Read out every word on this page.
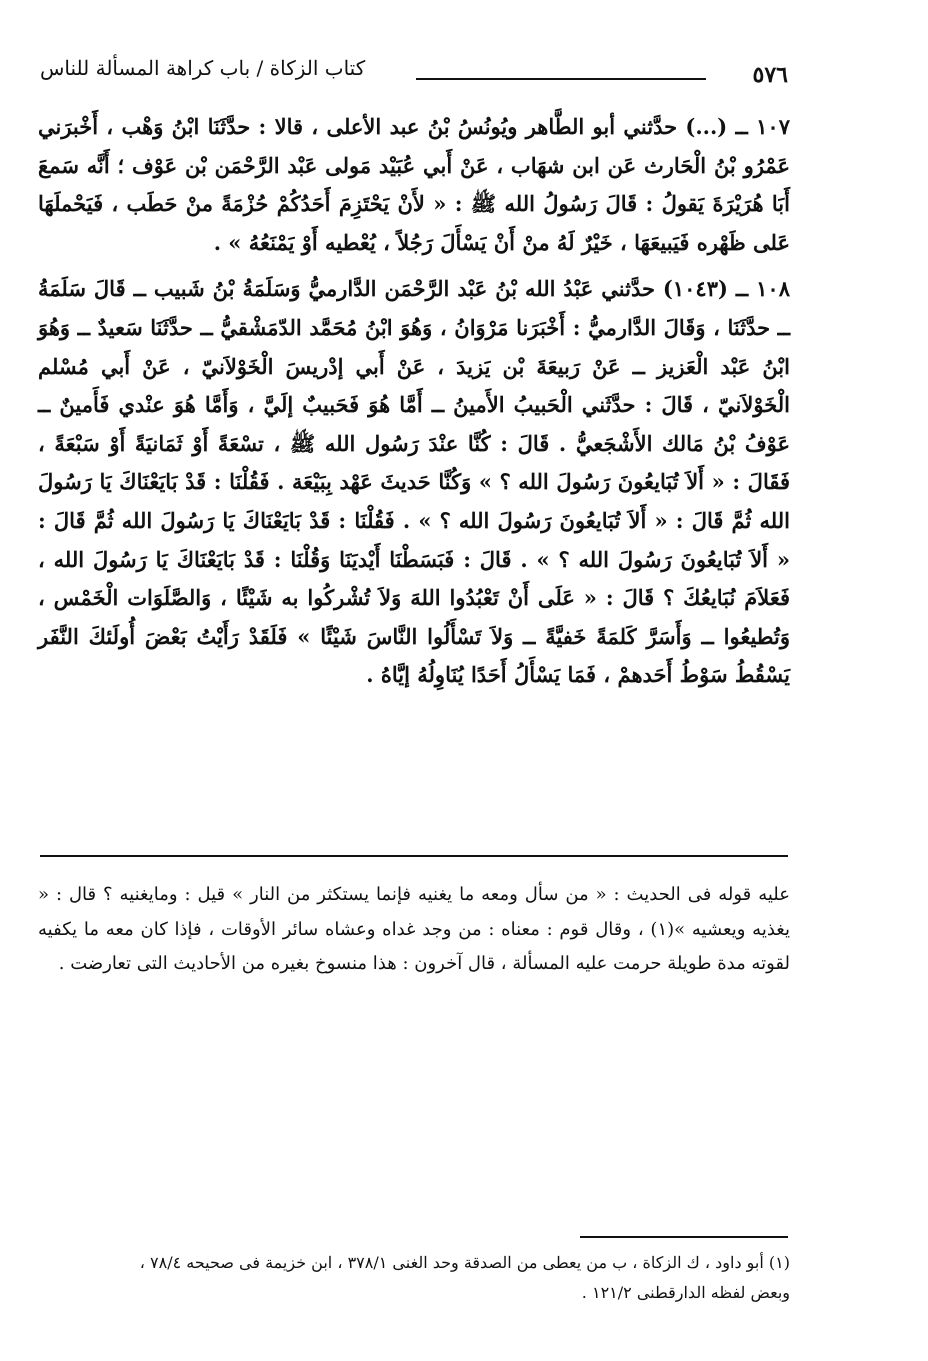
٥٧٦
كتاب الزكاة / باب كراهة المسألة للناس

١٠٧ ــ (...) حدَّثني أبو الطَّاهر ويُونُسُ بْنُ عبد الأعلى ، قالا : حدَّثَنَا ابْنُ وَهْب ، أَخْبرَني عَمْرُو بْنُ الْحَارث عَن ابن شهَاب ، عَنْ أَبي عُبَيْد مَولى عَبْد الرَّحْمَن بْن عَوْف ؛ أَنَّه سَمعَ أَبَا هُرَيْرَةَ يَقولُ : قَالَ رَسُولُ الله ﷺ : « لأَنْ يَحْتَزِمَ أَحَدُكُمْ حُزْمَةً منْ حَطَب ، فَيَحْملَهَا عَلى ظَهْره فَيَبيعَهَا ، خَيْرٌ لَهُ منْ أَنْ يَسْأَلَ رَجُلاً ، يُعْطيه أَوْ يَمْنَعُهُ » .

١٠٨ ــ (١٠٤٣) حدَّثني عَبْدُ الله بْنُ عَبْد الرَّحْمَن الدَّارميُّ وَسَلَمَةُ بْنُ شَبيب ــ قَالَ سَلَمَةُ ــ حدَّثَنَا ، وَقَالَ الدَّارميُّ : أَخْبَرَنا مَرْوَانُ ، وَهُوَ ابْنُ مُحَمَّد الدّمَشْقيُّ ــ حدَّثَنَا سَعيدٌ ــ وَهُوَ ابْنُ عَبْد الْعَزيز ــ عَنْ رَبيعَةَ بْن يَزيدَ ، عَنْ أَبي إدْريسَ الْخَوْلاَنيّ ، عَنْ أَبي مُسْلم الْخَوْلاَنيّ ، قَالَ : حدَّثَني الْحَبيبُ الأَمينُ ــ أَمَّا هُوَ فَحَبيبٌ إلَيَّ ، وَأَمَّا هُوَ عنْدي فَأَمينٌ ــ عَوْفُ بْنُ مَالك الأَشْجَعيُّ . قَالَ : كُنَّا عنْدَ رَسُول الله ﷺ ، تسْعَةً أَوْ ثَمَانيَةً أَوْ سَبْعَةً ، فَقَالَ : « أَلاَ تُبَايعُونَ رَسُولَ الله ؟ » وَكُنَّا حَديثَ عَهْد بِبَيْعَة . فَقُلْنَا : قَدْ بَايَعْنَاكَ يَا رَسُولَ الله ثُمَّ قَالَ : « أَلاَ تُبَايعُونَ رَسُولَ الله ؟ » . فَقُلْنَا : قَدْ بَايَعْنَاكَ يَا رَسُولَ الله ثُمَّ قَالَ : « أَلاَ تُبَايعُونَ رَسُولَ الله ؟ » . قَالَ : فَبَسَطْنَا أَيْديَنَا وَقُلْنَا : قَدْ بَايَعْنَاكَ يَا رَسُولَ الله ، فَعَلاَمَ نُبَايعُكَ ؟ قَالَ : « عَلَى أَنْ تَعْبُدُوا اللهَ وَلاَ تُشْركُوا به شَيْئًا ، وَالصَّلَوَات الْخَمْس ، وَتُطيعُوا ــ وَأَسَرَّ كَلمَةً خَفيَّةً ــ وَلاَ تَسْأَلُوا النَّاسَ شَيْئًا » فَلَقَدْ رَأَيْتُ بَعْضَ أُولَئكَ النَّفَر يَسْقُطُ سَوْطُ أَحَدهمْ ، فَمَا يَسْأَلُ أَحَدًا يُنَاوِلُهُ إيَّاهُ .

عليه قوله فى الحديث : « من سأل ومعه ما يغنيه فإنما يستكثر من النار » قيل : ومايغنيه ؟ قال : « يغذيه ويعشيه »(١) ، وقال قوم : معناه : من وجد غداه وعشاه سائر الأوقات ، فإذا كان معه ما يكفيه لقوته مدة طويلة حرمت عليه المسألة ، قال آخرون : هذا منسوخ بغيره من الأحاديث التى تعارضت .

(١) أبو داود ، ك الزكاة ، ب من يعطى من الصدقة وحد الغنى ٣٧٨/١ ، ابن خزيمة فى صحيحه ٧٨/٤ ،

وبعض لفظه الدارقطنى ١٢١/٢ .
